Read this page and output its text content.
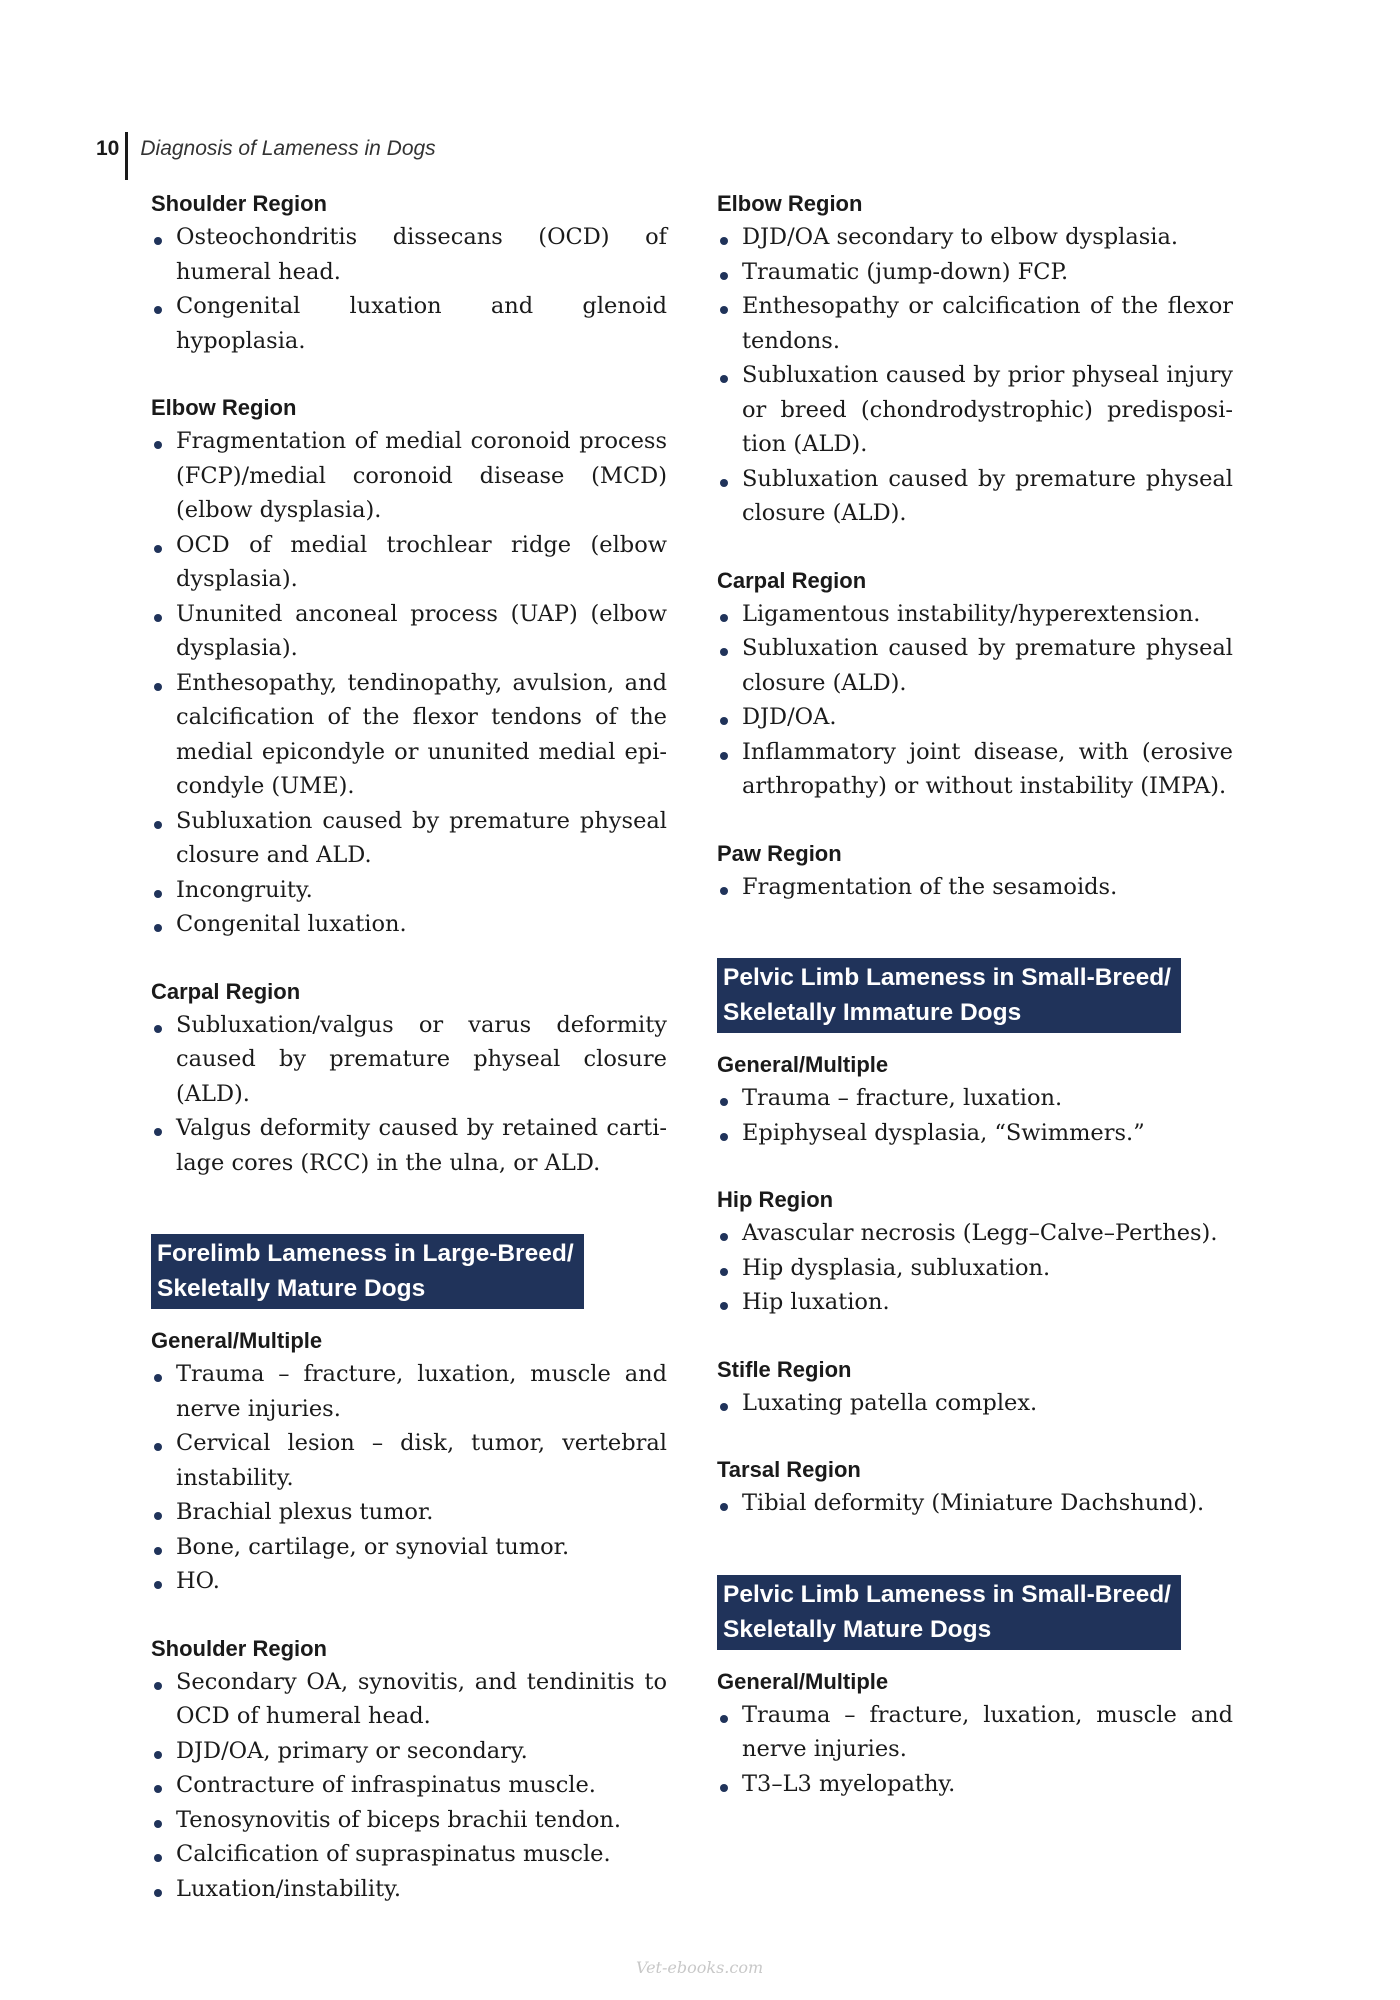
10	Diagnosis of Lameness in Dogs
Shoulder Region
Osteochondritis dissecans (OCD) of humeral head.
Congenital luxation and glenoid hypoplasia.
Elbow Region
Fragmentation of medial coronoid process (FCP)/medial coronoid disease (MCD) (elbow dysplasia).
OCD of medial trochlear ridge (elbow dysplasia).
Ununited anconeal process (UAP) (elbow dysplasia).
Enthesopathy, tendinopathy, avulsion, and calcification of the flexor tendons of the medial epicondyle or ununited medial epi-condyle (UME).
Subluxation caused by premature physeal closure and ALD.
Incongruity.
Congenital luxation.
Carpal Region
Subluxation/valgus or varus deformity caused by premature physeal closure (ALD).
Valgus deformity caused by retained carti-lage cores (RCC) in the ulna, or ALD.
Forelimb Lameness in Large-Breed/
Skeletally Mature Dogs
General/Multiple
Trauma – fracture, luxation, muscle and nerve injuries.
Cervical lesion – disk, tumor, vertebral instability.
Brachial plexus tumor.
Bone, cartilage, or synovial tumor.
HO.
Shoulder Region
Secondary OA, synovitis, and tendinitis to OCD of humeral head.
DJD/OA, primary or secondary.
Contracture of infraspinatus muscle.
Tenosynovitis of biceps brachii tendon.
Calcification of supraspinatus muscle.
Luxation/instability.
Elbow Region
DJD/OA secondary to elbow dysplasia.
Traumatic (jump-down) FCP.
Enthesopathy or calcification of the flexor tendons.
Subluxation caused by prior physeal injury or breed (chondrodystrophic) predisposi-tion (ALD).
Subluxation caused by premature physeal closure (ALD).
Carpal Region
Ligamentous instability/hyperextension.
Subluxation caused by premature physeal closure (ALD).
DJD/OA.
Inflammatory joint disease, with (erosive arthropathy) or without instability (IMPA).
Paw Region
Fragmentation of the sesamoids.
Pelvic Limb Lameness in Small-Breed/
Skeletally Immature Dogs
General/Multiple
Trauma – fracture, luxation.
Epiphyseal dysplasia, “Swimmers.”
Hip Region
Avascular necrosis (Legg–Calve–Perthes).
Hip dysplasia, subluxation.
Hip luxation.
Stifle Region
Luxating patella complex.
Tarsal Region
Tibial deformity (Miniature Dachshund).
Pelvic Limb Lameness in Small-Breed/
Skeletally Mature Dogs
General/Multiple
Trauma – fracture, luxation, muscle and nerve injuries.
T3–L3 myelopathy.
Vet-ebooks.com
